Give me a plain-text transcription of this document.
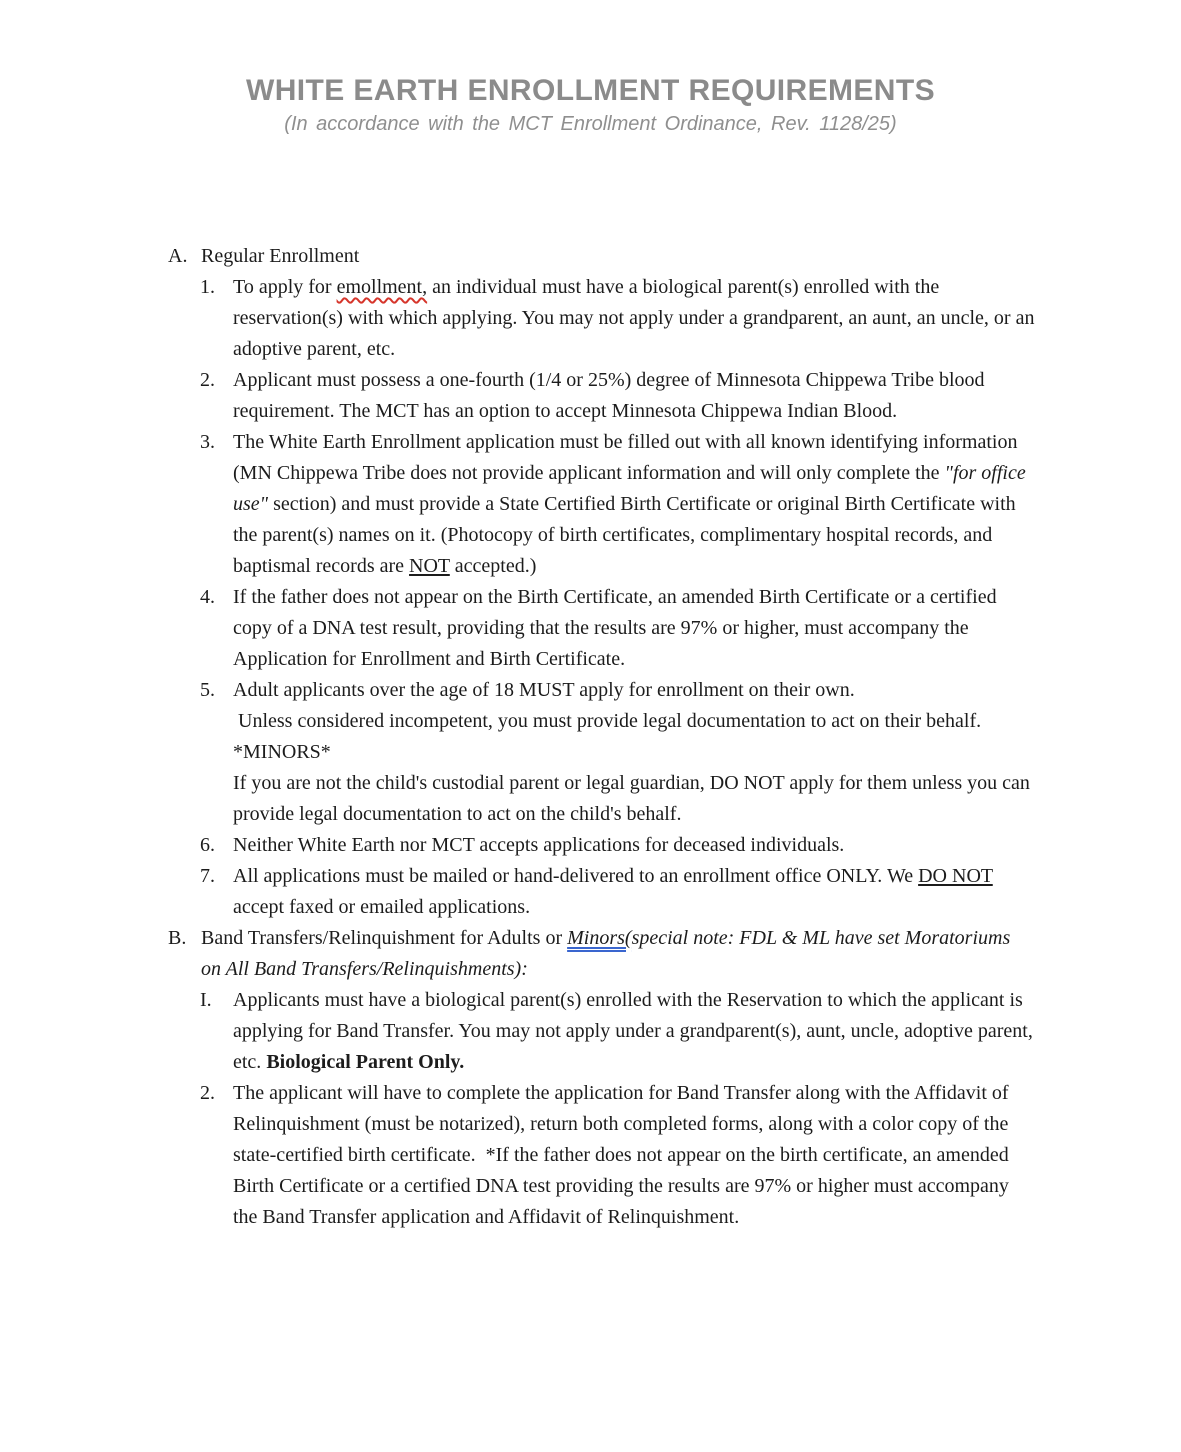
WHITE EARTH ENROLLMENT REQUIREMENTS

(In accordance with the MCT Enrollment Ordinance, Rev. 1128/25)

A. Regular Enrollment
1. To apply for emollment, an individual must have a biological parent(s) enrolled with the reservation(s) with which applying. You may not apply under a grandparent, an aunt, an uncle, or an adoptive parent, etc.
2. Applicant must possess a one-fourth (1/4 or 25%) degree of Minnesota Chippewa Tribe blood requirement. The MCT has an option to accept Minnesota Chippewa Indian Blood.
3. The White Earth Enrollment application must be filled out with all known identifying information (MN Chippewa Tribe does not provide applicant information and will only complete the "for office use" section) and must provide a State Certified Birth Certificate or original Birth Certificate with the parent(s) names on it. (Photocopy of birth certificates, complimentary hospital records, and baptismal records are NOT accepted.)
4. If the father does not appear on the Birth Certificate, an amended Birth Certificate or a certified copy of a DNA test result, providing that the results are 97% or higher, must accompany the Application for Enrollment and Birth Certificate.
5. Adult applicants over the age of 18 MUST apply for enrollment on their own.
Unless considered incompetent, you must provide legal documentation to act on their behalf.
*MINORS*
If you are not the child's custodial parent or legal guardian, DO NOT apply for them unless you can provide legal documentation to act on the child's behalf.
6. Neither White Earth nor MCT accepts applications for deceased individuals.
7. All applications must be mailed or hand-delivered to an enrollment office ONLY. We DO NOT accept faxed or emailed applications.
B. Band Transfers/Relinquishment for Adults or Minors(special note: FDL & ML have set Moratoriums on All Band Transfers/Relinquishments):
I.	Applicants must have a biological parent(s) enrolled with the Reservation to which the applicant is applying for Band Transfer. You may not apply under a grandparent(s), aunt, uncle, adoptive parent, etc. Biological Parent Only.
2. The applicant will have to complete the application for Band Transfer along with the Affidavit of Relinquishment (must be notarized), return both completed forms, along with a color copy of the state-certified birth certificate.  *If the father does not appear on the birth certificate, an amended Birth Certificate or a certified DNA test providing the results are 97% or higher must accompany the Band Transfer application and Affidavit of Relinquishment.
